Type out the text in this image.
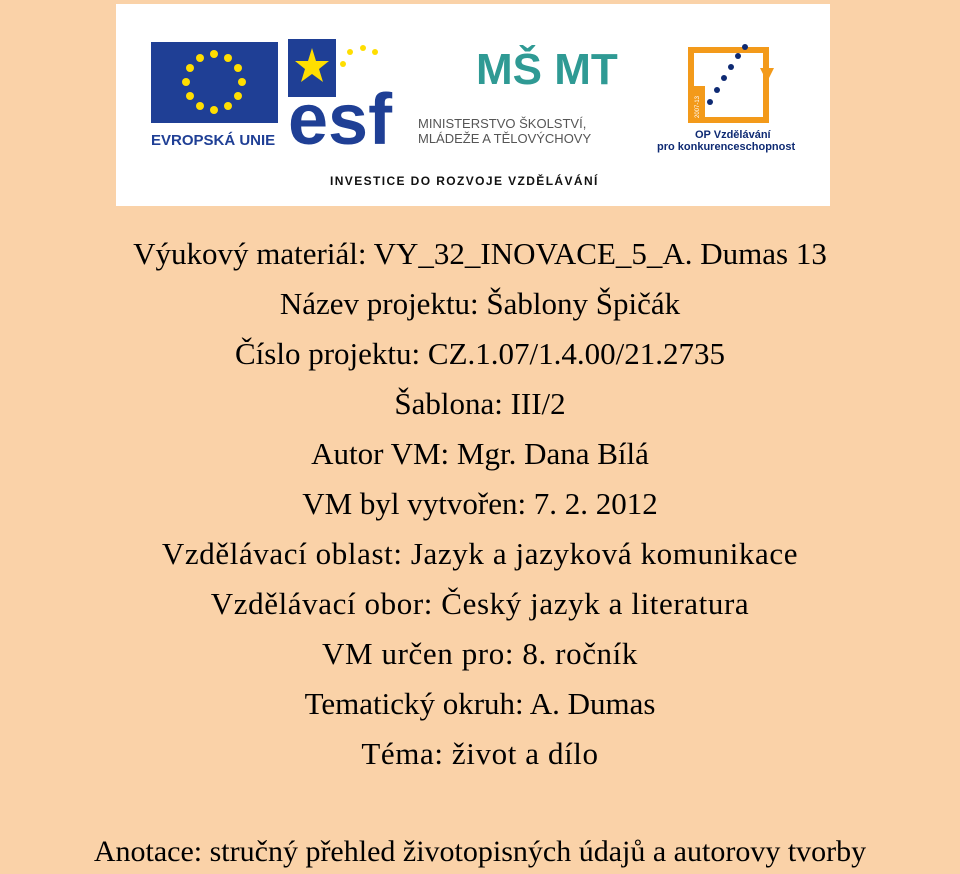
EVROPSKÁ UNIE esf
MŠ MT
MINISTERSTVO ŠKOLSTVÍ,
MLÁDEŽE A TĚLOVÝCHOVY
2007-13
OP Vzdělávání
pro konkurenceschopnost
INVESTICE DO ROZVOJE VZDĚLÁVÁNÍ
Výukový materiál: VY_32_INOVACE_5_A. Dumas 13
Název projektu: Šablony Špičák
Číslo projektu: CZ.1.07/1.4.00/21.2735
Šablona: III/2
Autor VM: Mgr. Dana Bílá
VM byl vytvořen: 7. 2. 2012
Vzdělávací oblast: Jazyk a jazyková komunikace
Vzdělávací obor: Český jazyk a literatura
VM určen pro: 8. ročník
Tematický okruh: A. Dumas
Téma: život a dílo
Anotace: stručný přehled životopisných údajů a autorovy tvorby
